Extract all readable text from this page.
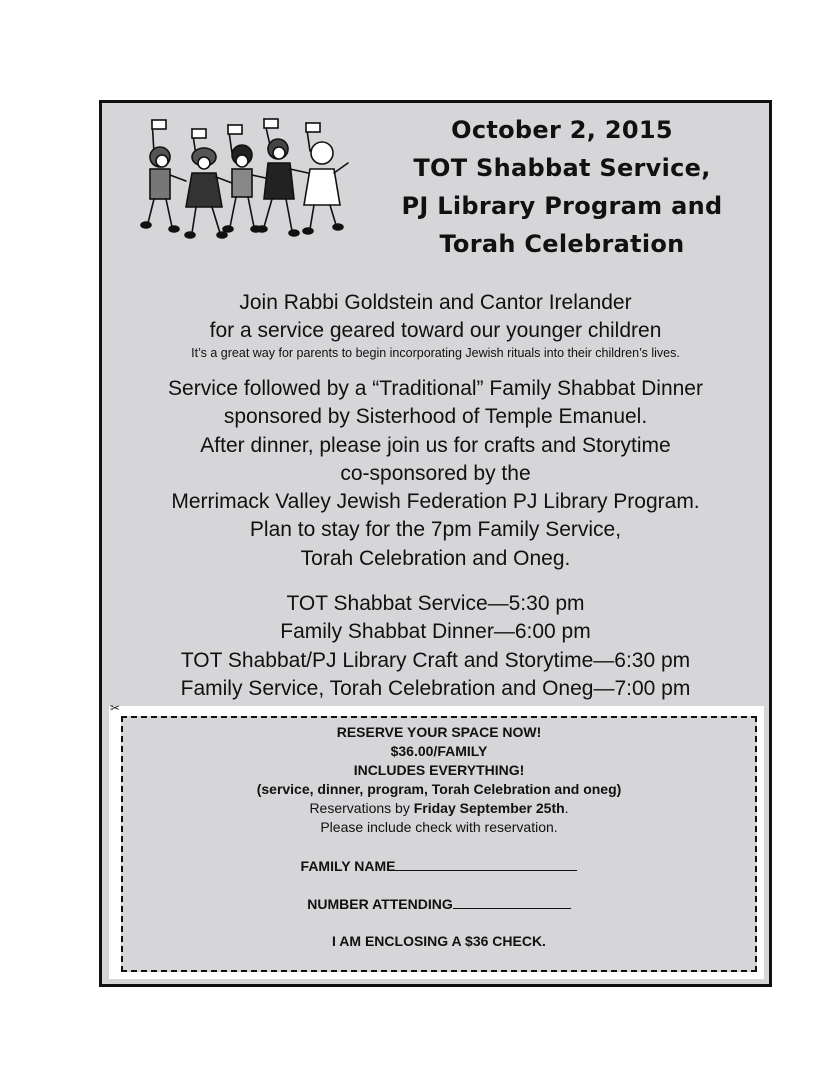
October 2, 2015
TOT Shabbat Service,
PJ Library Program and
Torah Celebration
Join Rabbi Goldstein and Cantor Irelander
for a service geared toward our younger children
It’s a great way for parents to begin incorporating Jewish rituals into their children’s lives.
Service followed by a “Traditional” Family Shabbat Dinner
sponsored by Sisterhood of Temple Emanuel.
After dinner, please join us for crafts and Storytime
co-sponsored by the
Merrimack Valley Jewish Federation PJ Library Program.
Plan to stay for the 7pm Family Service,
Torah Celebration and Oneg.
TOT Shabbat Service—5:30 pm
Family Shabbat Dinner—6:00 pm
TOT Shabbat/PJ Library Craft and Storytime—6:30 pm
Family Service, Torah Celebration and Oneg—7:00 pm
RESERVE YOUR SPACE NOW!
$36.00/FAMILY
INCLUDES EVERYTHING!
(service, dinner, program, Torah Celebration and oneg)
Reservations by Friday September 25th.
Please include check with reservation.
FAMILY NAME
NUMBER ATTENDING
I AM ENCLOSING A $36 CHECK.
✂
